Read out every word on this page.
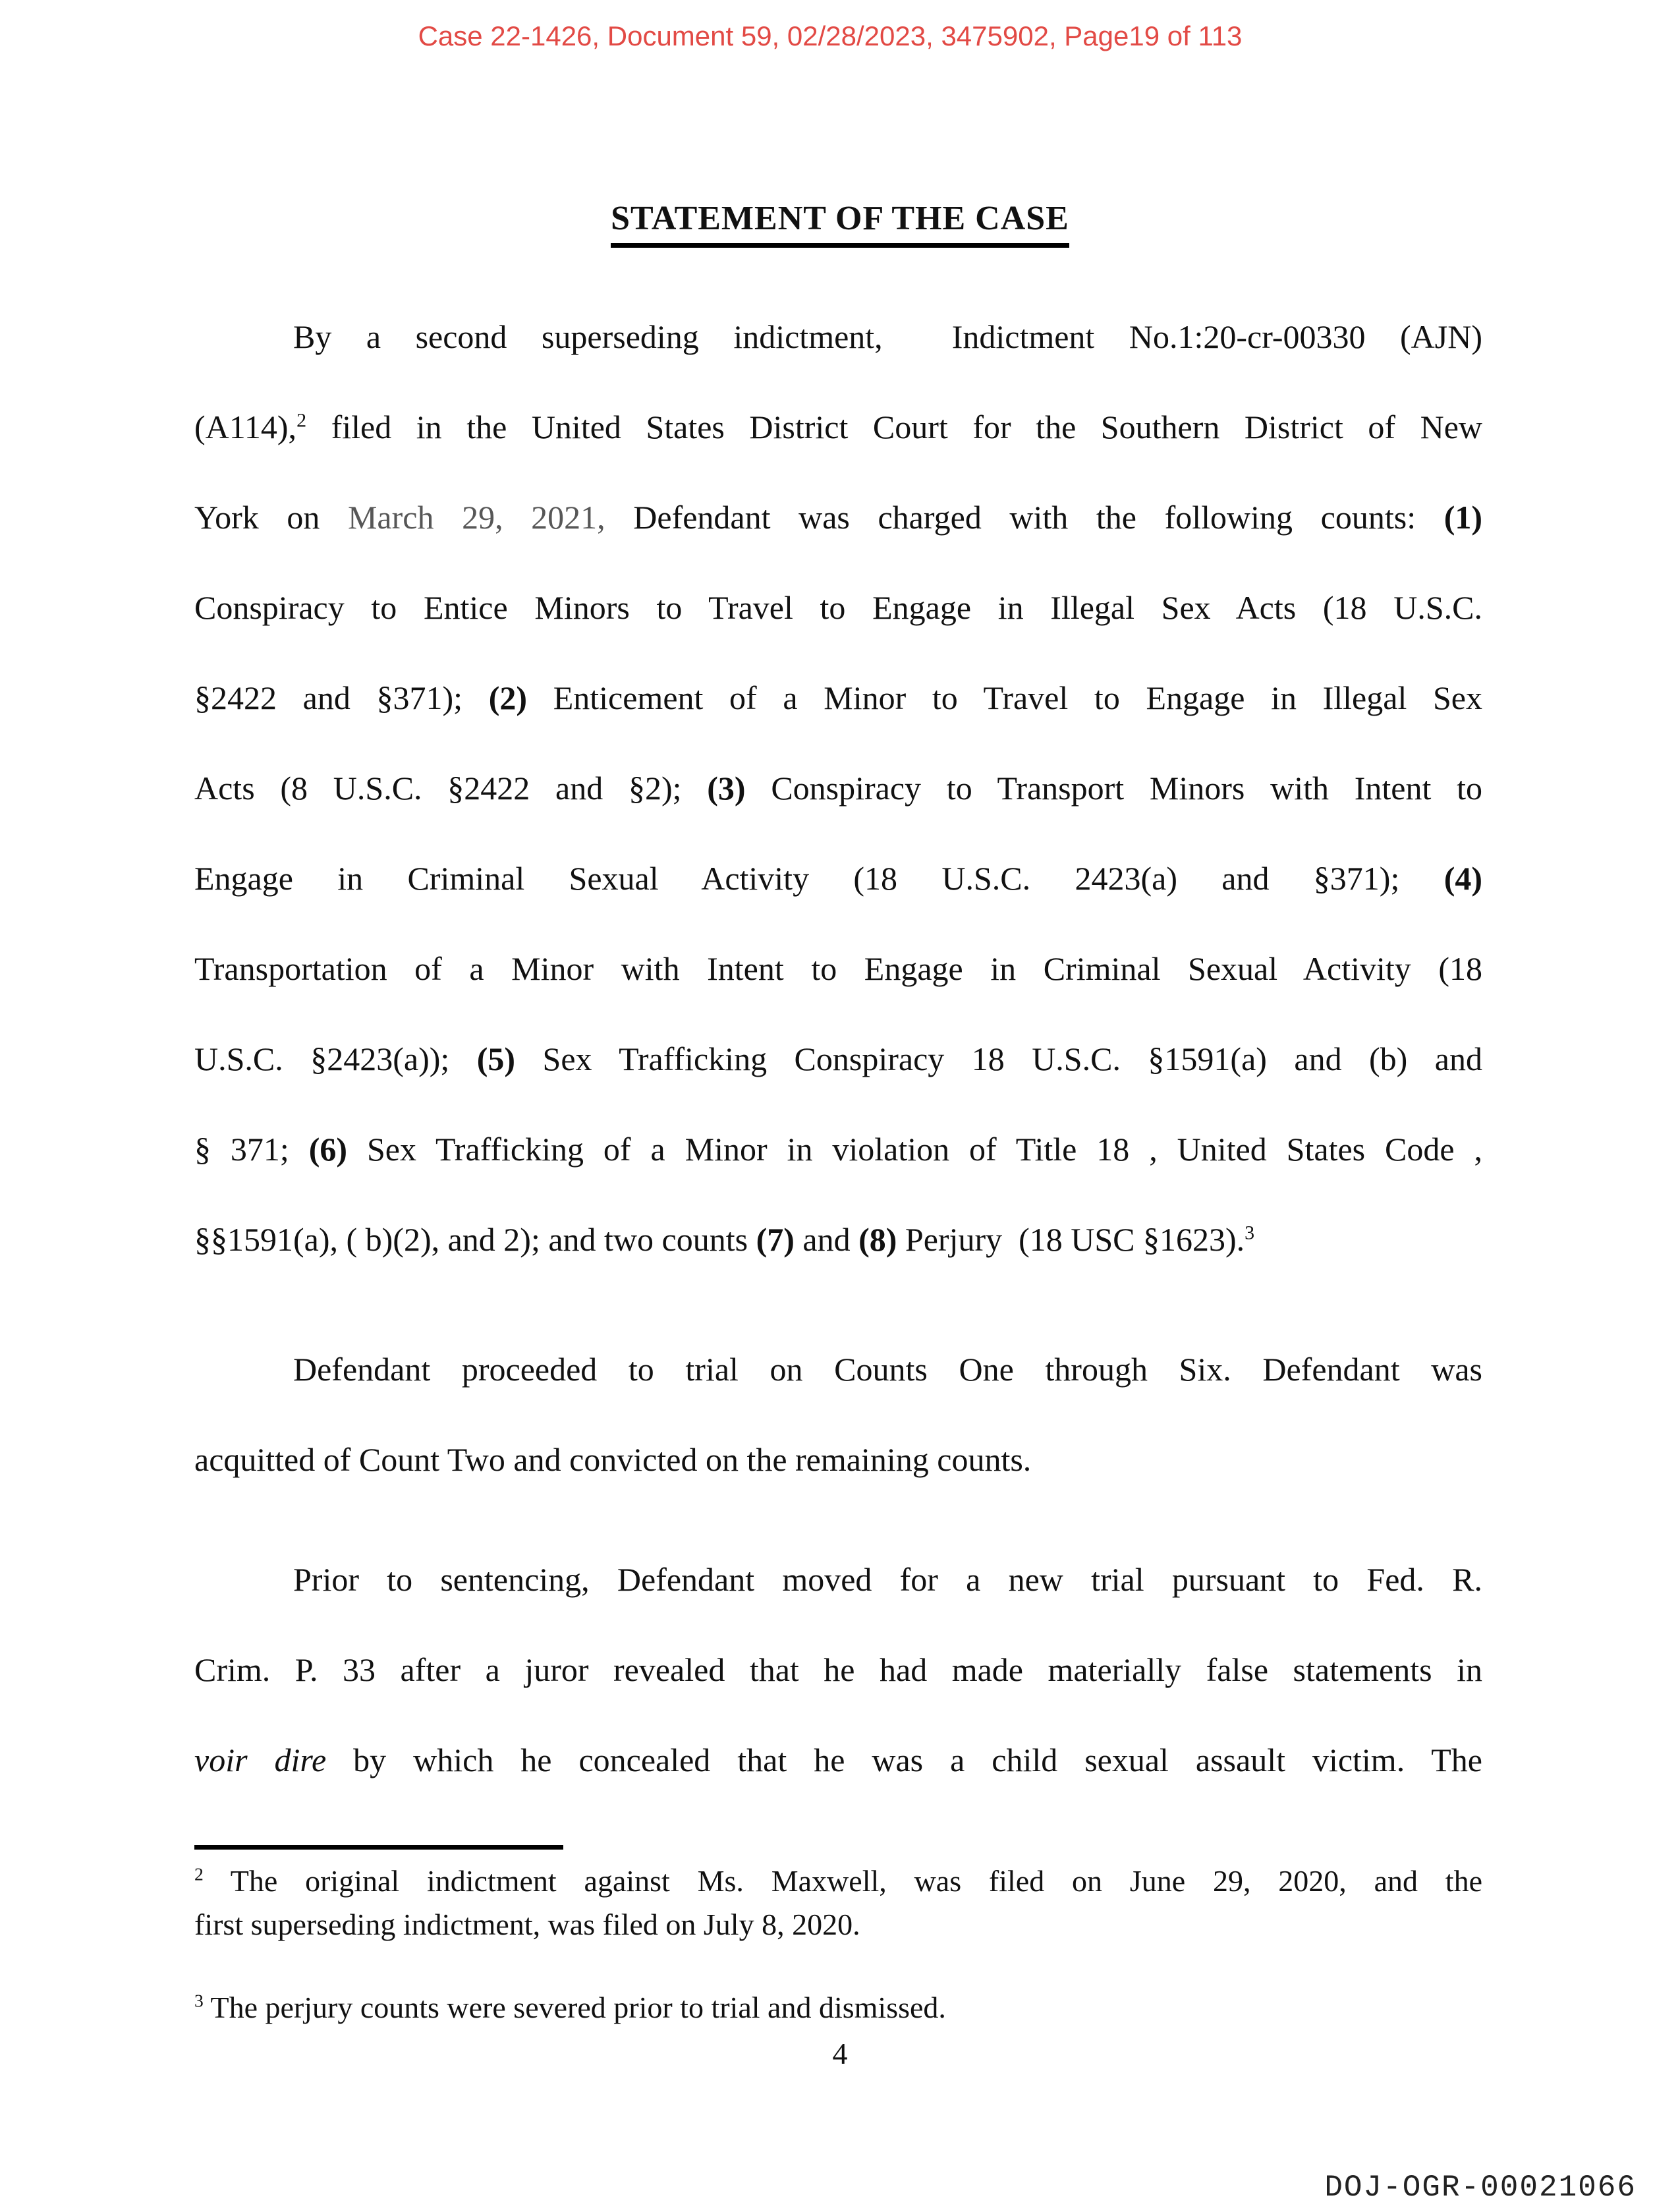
Case 22-1426, Document 59, 02/28/2023, 3475902, Page19 of 113
STATEMENT OF THE CASE
By a second superseding indictment,  Indictment No.1:20-cr-00330 (AJN)
(A114),$^2$ filed in the United States District Court for the Southern District of New
York on March 29, 2021, Defendant was charged with the following counts: (1)
Conspiracy to Entice Minors to Travel to Engage in Illegal Sex Acts (18 U.S.C.
§2422 and §371); (2) Enticement of a Minor to Travel to Engage in Illegal Sex
Acts (8 U.S.C. §2422 and §2); (3) Conspiracy to Transport Minors with Intent to
Engage in Criminal Sexual Activity (18 U.S.C. 2423(a) and §371); (4)
Transportation of a Minor with Intent to Engage in Criminal Sexual Activity (18
U.S.C. §2423(a)); (5) Sex Trafficking Conspiracy 18 U.S.C. §1591(a) and (b) and
§ 371; (6) Sex Trafficking of a Minor in violation of Title 18 , United States Code ,
§§1591(a), ( b)(2), and 2); and two counts (7) and (8) Perjury  (18 USC §1623).$^3$
Defendant proceeded to trial on Counts One through Six. Defendant was
acquitted of Count Two and convicted on the remaining counts.
Prior to sentencing, Defendant moved for a new trial pursuant to Fed. R.
Crim. P. 33 after a juror revealed that he had made materially false statements in
voir dire by which he concealed that he was a child sexual assault victim. The
$^2$ The original indictment against Ms. Maxwell, was filed on June 29, 2020, and the
first superseding indictment, was filed on July 8, 2020.
$^3$ The perjury counts were severed prior to trial and dismissed.
4
DOJ-OGR-00021066
